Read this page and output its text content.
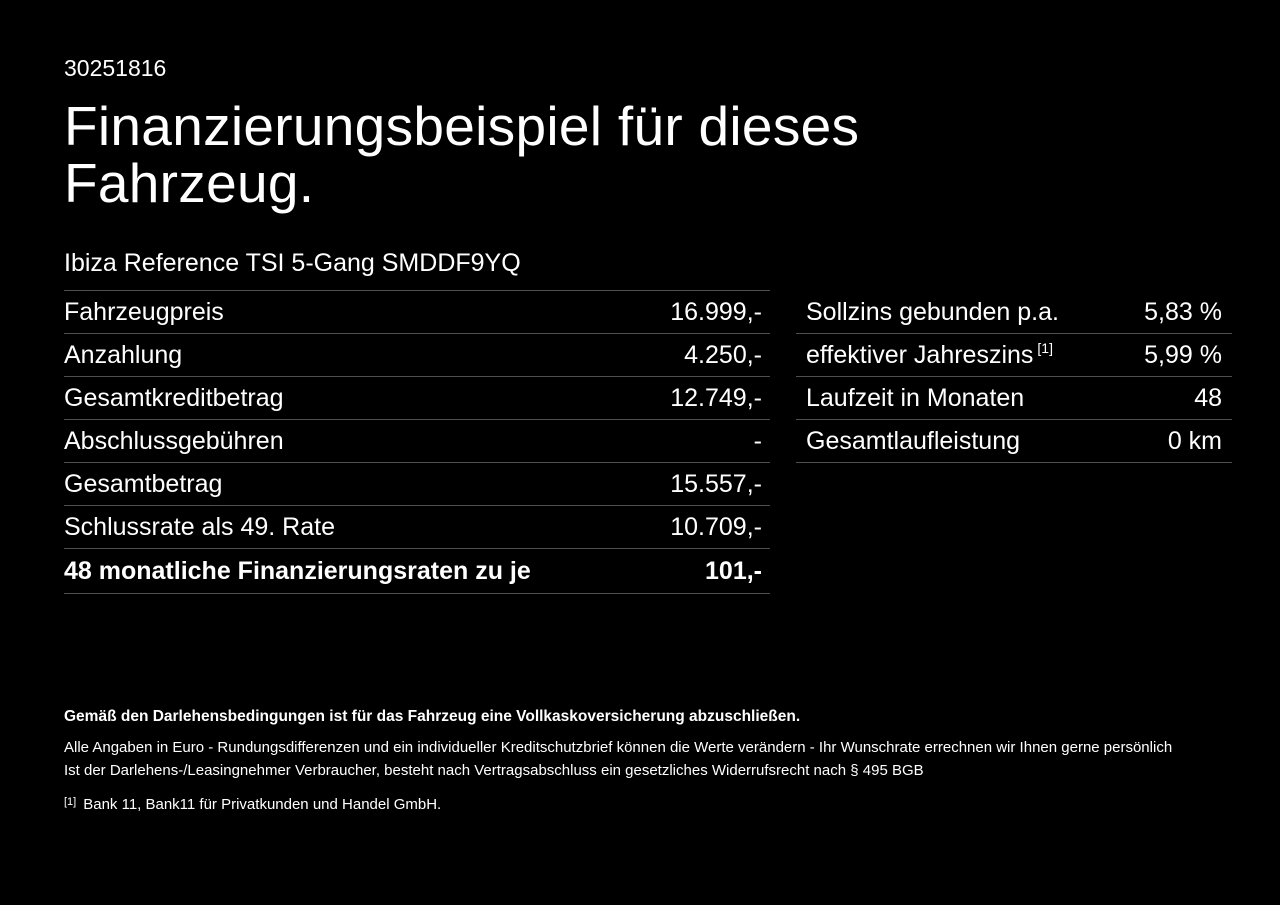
30251816
Finanzierungsbeispiel für dieses
Fahrzeug.
Ibiza Reference TSI 5-Gang SMDDF9YQ
Fahrzeugpreis	16.999,-
Anzahlung	4.250,-
Gesamtkreditbetrag	12.749,-
Abschlussgebühren	-
Gesamtbetrag	15.557,-
Schlussrate als 49. Rate	10.709,-
48 monatliche Finanzierungsraten zu je	101,-
Sollzins gebunden p.a.	5,83 %
effektiver Jahreszins [1]	5,99 %
Laufzeit in Monaten	48
Gesamtlaufleistung	0 km

Gemäß den Darlehensbedingungen ist für das Fahrzeug eine Vollkaskoversicherung abzuschließen.

Alle Angaben in Euro - Rundungsdifferenzen und ein individueller Kreditschutzbrief können die Werte verändern - Ihr Wunschrate errechnen wir Ihnen gerne persönlich

Ist der Darlehens-/Leasingnehmer Verbraucher, besteht nach Vertragsabschluss ein gesetzliches Widerrufsrecht nach § 495 BGB

[1] Bank 11, Bank11 für Privatkunden und Handel GmbH.
